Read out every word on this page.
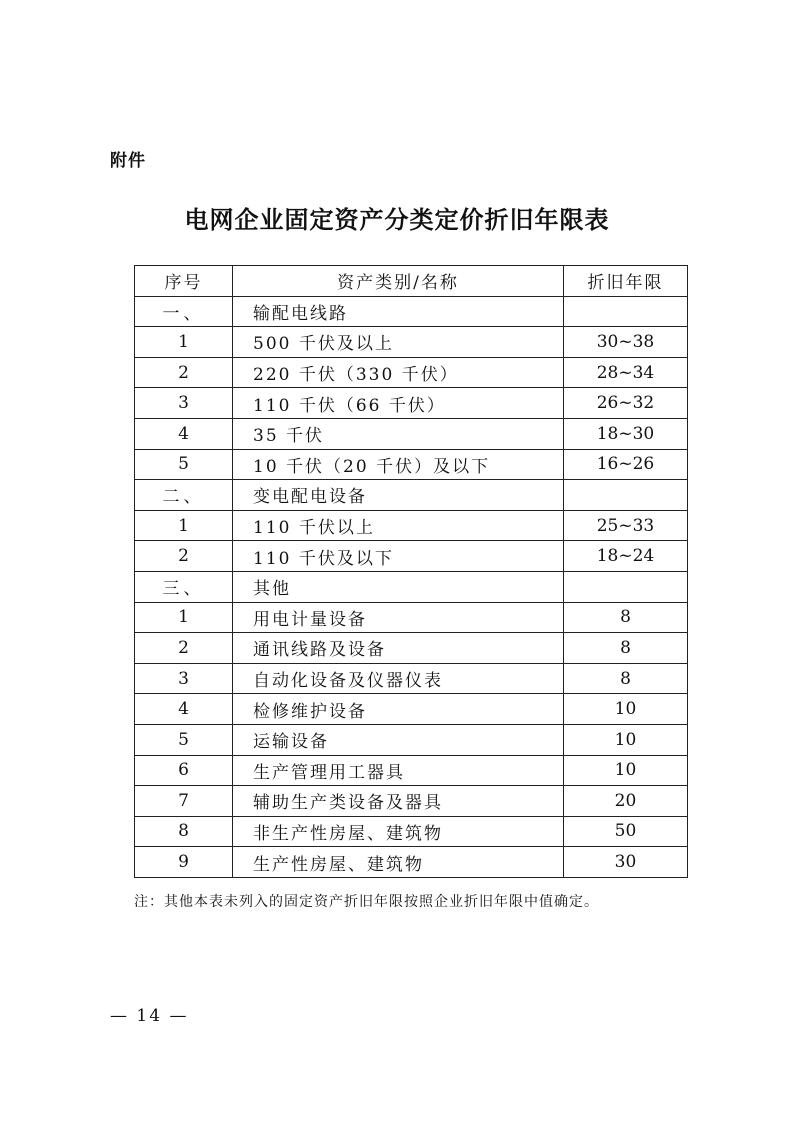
附件
电网企业固定资产分类定价折旧年限表
序号	资产类别/名称	折旧年限
一、	输配电线路	
1	500 千伏及以上	30~38
2	220 千伏（330 千伏）	28~34
3	110 千伏（66 千伏）	26~32
4	35 千伏	18~30
5	10 千伏（20 千伏）及以下	16~26
二、	变电配电设备	
1	110 千伏以上	25~33
2	110 千伏及以下	18~24
三、	其他	
1	用电计量设备	8
2	通讯线路及设备	8
3	自动化设备及仪器仪表	8
4	检修维护设备	10
5	运输设备	10
6	生产管理用工器具	10
7	辅助生产类设备及器具	20
8	非生产性房屋、建筑物	50
9	生产性房屋、建筑物	30
注：其他本表未列入的固定资产折旧年限按照企业折旧年限中值确定。
— 14 —
